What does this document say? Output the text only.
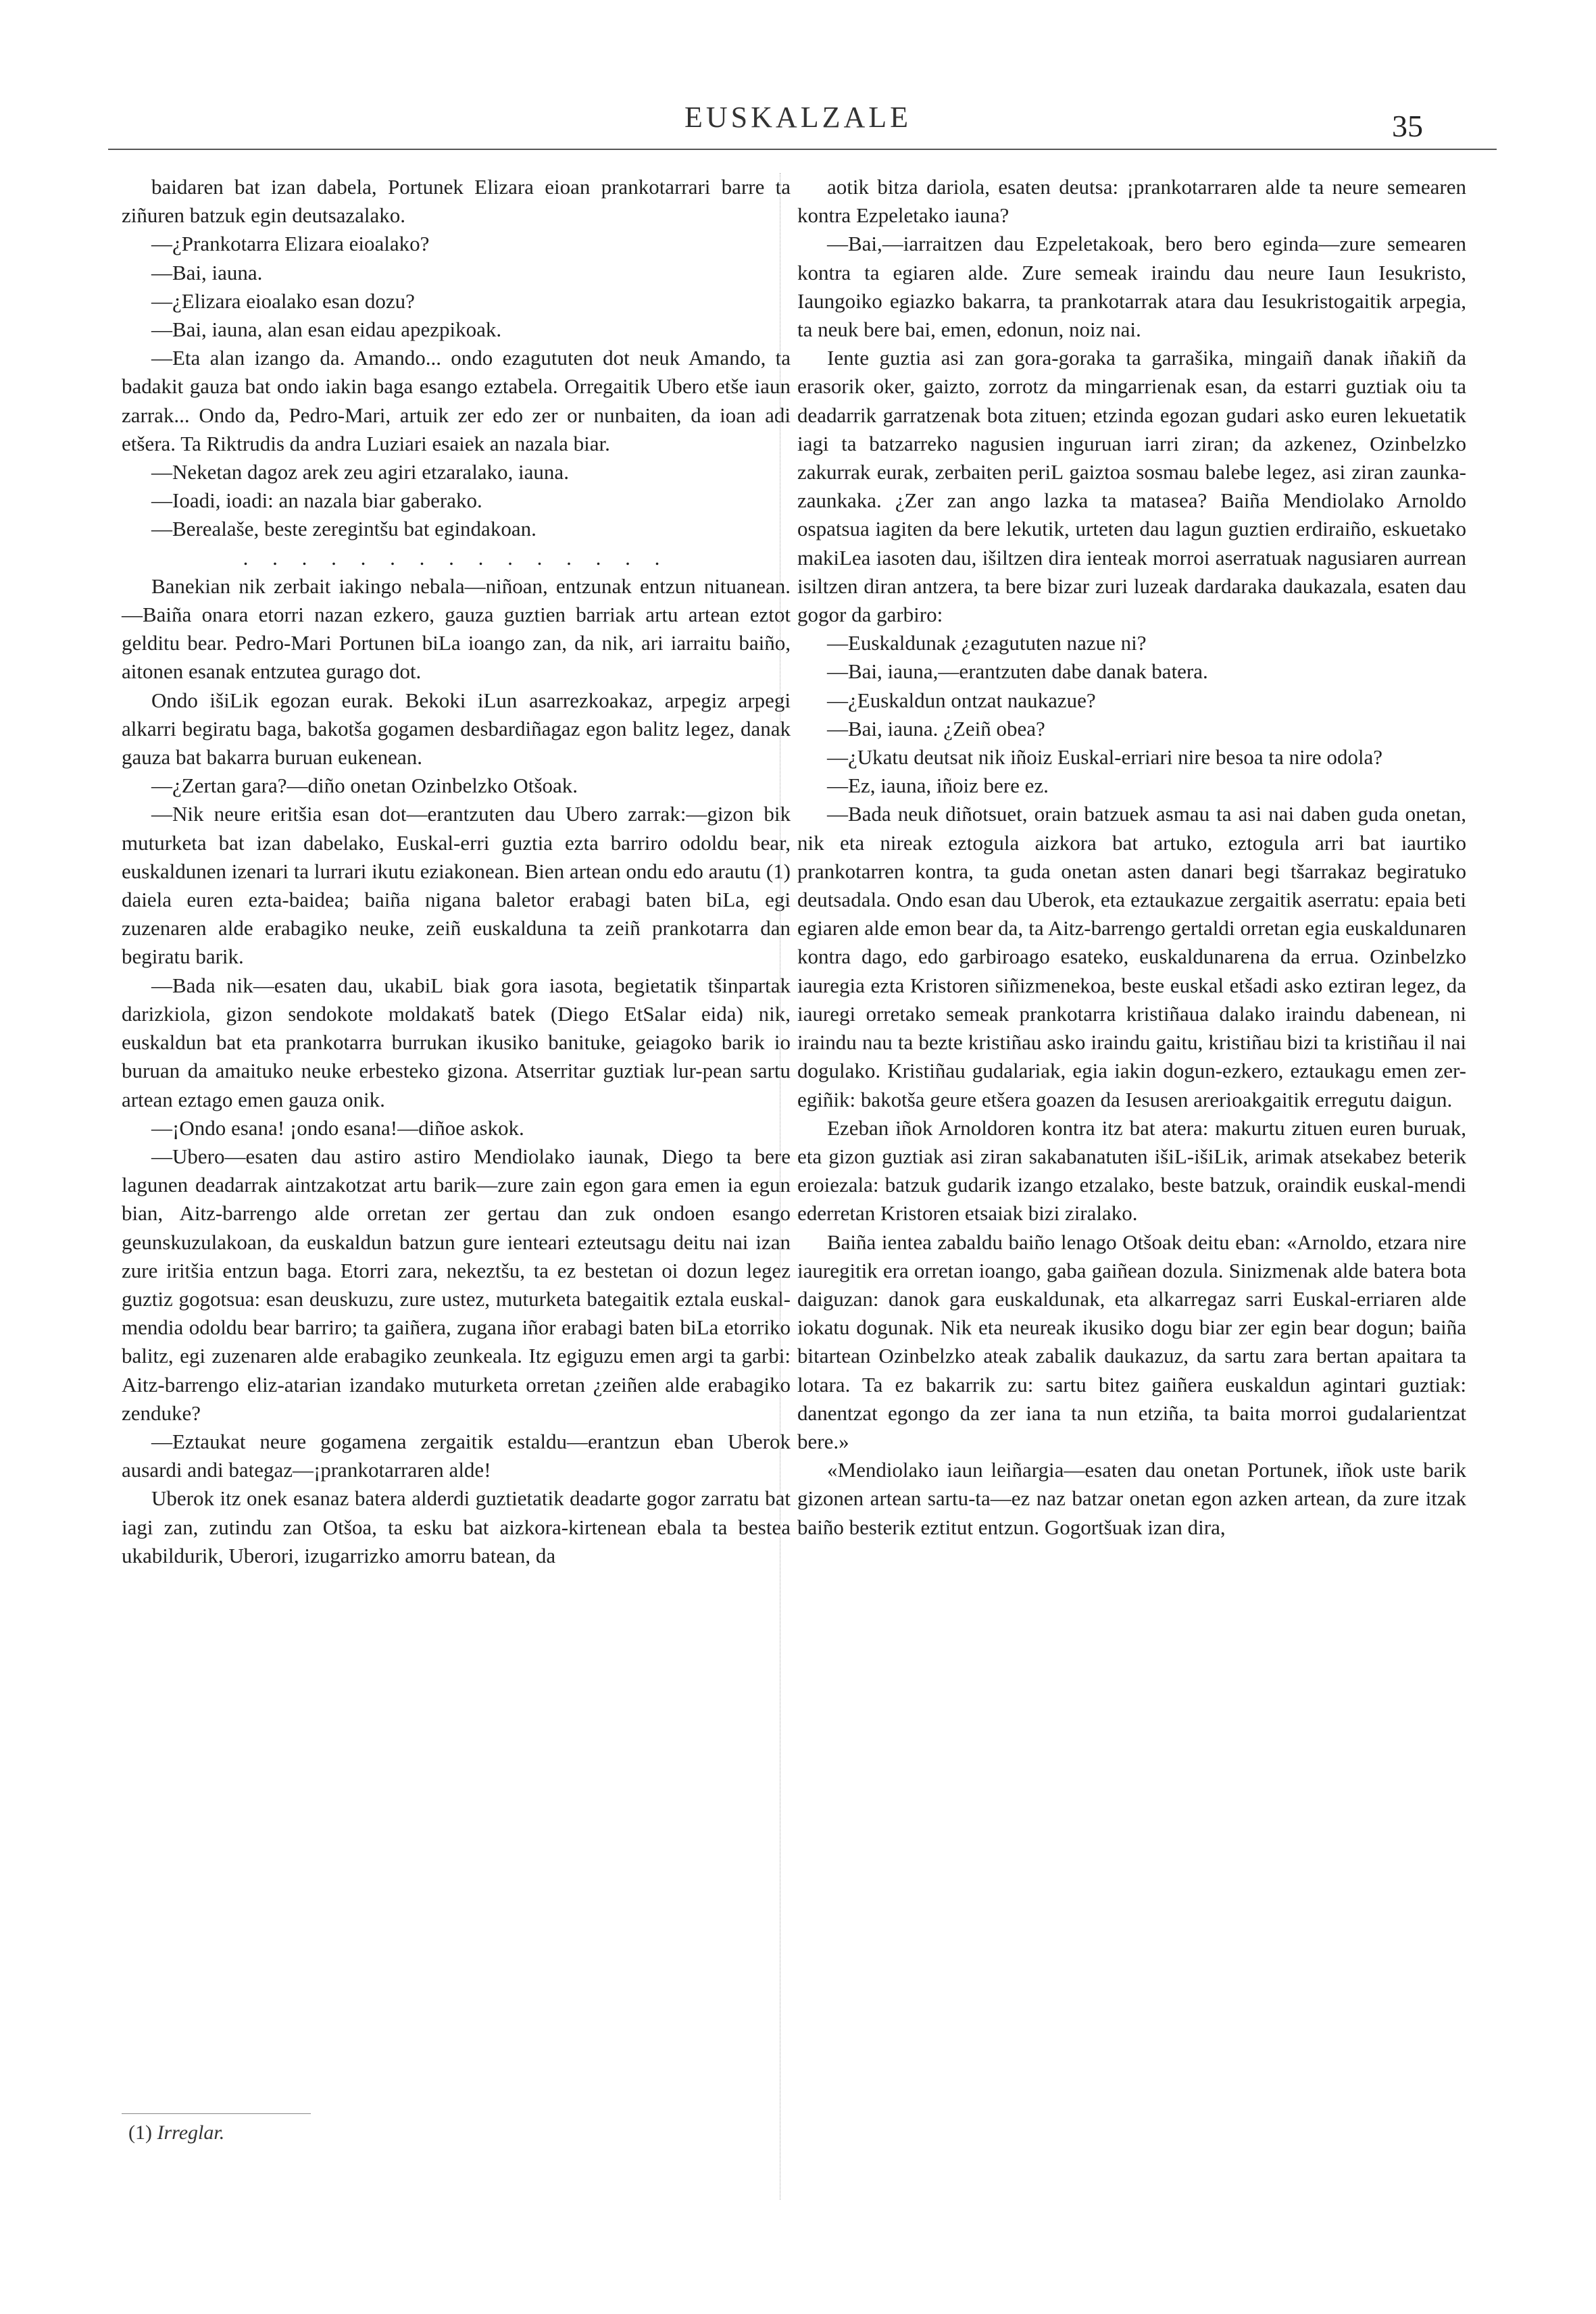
EUSKALZALE	35

baidaren bat izan dabela, Portunek Elizara eioan prankotarrari barre ta ziñuren batzuk egin deutsazalako.

—¿Prankotarra Elizara eioalako?

—Bai, iauna.

—¿Elizara eioalako esan dozu?

—Bai, iauna, alan esan eidau apezpikoak.

—Eta alan izango da. Amando... ondo ezagututen dot neuk Amando, ta badakit gauza bat ondo iakin baga esango eztabela. Orregaitik Ubero etše iaun zarrak... Ondo da, Pedro-Mari, artuik zer edo zer or nunbaiten, da ioan adi etšera. Ta Riktrudis da andra Luziari esaiek an nazala biar.

—Neketan dagoz arek zeu agiri etzaralako, iauna.

—Ioadi, ioadi: an nazala biar gaberako.

—Berealaše, beste zeregintšu bat egindakoan.

. . . . . . . . . . . . . . .

Banekian nik zerbait iakingo nebala—niñoan, entzunak entzun nituanean.—Baiña onara etorri nazan ezkero, gauza guztien barriak artu artean eztot gelditu bear. Pedro-Mari Portunen biLa ioango zan, da nik, ari iarraitu baiño, aitonen esanak entzutea gurago dot.

Ondo išiLik egozan eurak. Bekoki iLun asarrezkoakaz, arpegiz arpegi alkarri begiratu baga, bakotša gogamen desbardiñagaz egon balitz legez, danak gauza bat bakarra buruan eukenean.

—¿Zertan gara?—diño onetan Ozinbelzko Otšoak.

—Nik neure eritšia esan dot—erantzuten dau Ubero zarrak:—gizon bik muturketa bat izan dabelako, Euskal-erri guztia ezta barriro odoldu bear, euskaldunen izenari ta lurrari ikutu eziakonean. Bien artean ondu edo arautu (1) daiela euren ezta-baidea; baiña nigana baletor erabagi baten biLa, egi zuzenaren alde erabagiko neuke, zeiñ euskalduna ta zeiñ prankotarra dan begiratu barik.

—Bada nik—esaten dau, ukabiL biak gora iasota, begietatik tšinpartak darizkiola, gizon sendokote moldakatš batek (Diego EtSalar eida) nik, euskaldun bat eta prankotarra burrukan ikusiko banituke, geiagoko barik io buruan da amaituko neuke erbesteko gizona. Atserritar guztiak lur-pean sartu artean eztago emen gauza onik.

—¡Ondo esana! ¡ondo esana!—diñoe askok.

—Ubero—esaten dau astiro astiro Mendiolako iaunak, Diego ta bere lagunen deadarrak aintzakotzat artu barik—zure zain egon gara emen ia egun bian, Aitz-barrengo alde orretan zer gertau dan zuk ondoen esango geunskuzulakoan, da euskaldun batzun gure ienteari ezteutsagu deitu nai izan zure iritšia entzun baga. Etorri zara, nekeztšu, ta ez bestetan oi dozun legez guztiz gogotsua: esan deuskuzu, zure ustez, muturketa bategaitik eztala euskal-mendia odoldu bear barriro; ta gaiñera, zugana iñor erabagi baten biLa etorriko balitz, egi zuzenaren alde erabagiko zeunkeala. Itz egiguzu emen argi ta garbi: Aitz-barrengo eliz-atarian izandako muturketa orretan ¿zeiñen alde erabagiko zenduke?

—Eztaukat neure gogamena zergaitik estaldu—erantzun eban Uberok ausardi andi bategaz—¡prankotarraren alde!

Uberok itz onek esanaz batera alderdi guztietatik deadarte gogor zarratu bat iagi zan, zutindu zan Otšoa, ta esku bat aizkora-kirtenean ebala ta bestea ukabildurik, Uberori, izugarrizko amorru batean, da

aotik bitza dariola, esaten deutsa: ¡prankotarraren alde ta neure semearen kontra Ezpeletako iauna?

—Bai,—iarraitzen dau Ezpeletakoak, bero bero eginda—zure semearen kontra ta egiaren alde. Zure semeak iraindu dau neure Iaun Iesukristo, Iaungoiko egiazko bakarra, ta prankotarrak atara dau Iesukristogaitik arpegia, ta neuk bere bai, emen, edonun, noiz nai.

Iente guztia asi zan gora-goraka ta garrašika, mingaiñ danak iñakiñ da erasorik oker, gaizto, zorrotz da mingarrienak esan, da estarri guztiak oiu ta deadarrik garratzenak bota zituen; etzinda egozan gudari asko euren lekuetatik iagi ta batzarreko nagusien inguruan iarri ziran; da azkenez, Ozinbelzko zakurrak eurak, zerbaiten periL gaiztoa sosmau balebe legez, asi ziran zaunka-zaunkaka. ¿Zer zan ango lazka ta matasea? Baiña Mendiolako Arnoldo ospatsua iagiten da bere lekutik, urteten dau lagun guztien erdiraiño, eskuetako makiLea iasoten dau, išiltzen dira ienteak morroi aserratuak nagusiaren aurrean isiltzen diran antzera, ta bere bizar zuri luzeak dardaraka daukazala, esaten dau gogor da garbiro:

—Euskaldunak ¿ezagututen nazue ni?

—Bai, iauna,—erantzuten dabe danak batera.

—¿Euskaldun ontzat naukazue?

—Bai, iauna. ¿Zeiñ obea?

—¿Ukatu deutsat nik iñoiz Euskal-erriari nire besoa ta nire odola?

—Ez, iauna, iñoiz bere ez.

—Bada neuk diñotsuet, orain batzuek asmau ta asi nai daben guda onetan, nik eta nireak eztogula aizkora bat artuko, eztogula arri bat iaurtiko prankotarren kontra, ta guda onetan asten danari begi tšarrakaz begiratuko deutsadala. Ondo esan dau Uberok, eta eztaukazue zergaitik aserratu: epaia beti egiaren alde emon bear da, ta Aitz-barrengo gertaldi orretan egia euskaldunaren kontra dago, edo garbiroago esateko, euskaldunarena da errua. Ozinbelzko iauregia ezta Kristoren siñizmenekoa, beste euskal etšadi asko eztiran legez, da iauregi orretako semeak prankotarra kristiñaua dalako iraindu dabenean, ni iraindu nau ta bezte kristiñau asko iraindu gaitu, kristiñau bizi ta kristiñau il nai dogulako. Kristiñau gudalariak, egia iakin dogun-ezkero, eztaukagu emen zer-egiñik: bakotša geure etšera goazen da Iesusen arerioakgaitik erregutu daigun.

Ezeban iñok Arnoldoren kontra itz bat atera: makurtu zituen euren buruak, eta gizon guztiak asi ziran sakabanatuten išiL-išiLik, arimak atsekabez beterik eroiezala: batzuk gudarik izango etzalako, beste batzuk, oraindik euskal-mendi ederretan Kristoren etsaiak bizi ziralako.

Baiña ientea zabaldu baiño lenago Otšoak deitu eban: «Arnoldo, etzara nire iauregitik era orretan ioango, gaba gaiñean dozula. Sinizmenak alde batera bota daiguzan: danok gara euskaldunak, eta alkarregaz sarri Euskal-erriaren alde iokatu dogunak. Nik eta neureak ikusiko dogu biar zer egin bear dogun; baiña bitartean Ozinbelzko ateak zabalik daukazuz, da sartu zara bertan apaitara ta lotara. Ta ez bakarrik zu: sartu bitez gaiñera euskaldun agintari guztiak: danentzat egongo da zer iana ta nun etziña, ta baita morroi gudalarientzat bere.»

«Mendiolako iaun leiñargia—esaten dau onetan Portunek, iñok uste barik gizonen artean sartu-ta—ez naz batzar onetan egon azken artean, da zure itzak baiño besterik eztitut entzun. Gogortšuak izan dira,

(1) Irreglar.
